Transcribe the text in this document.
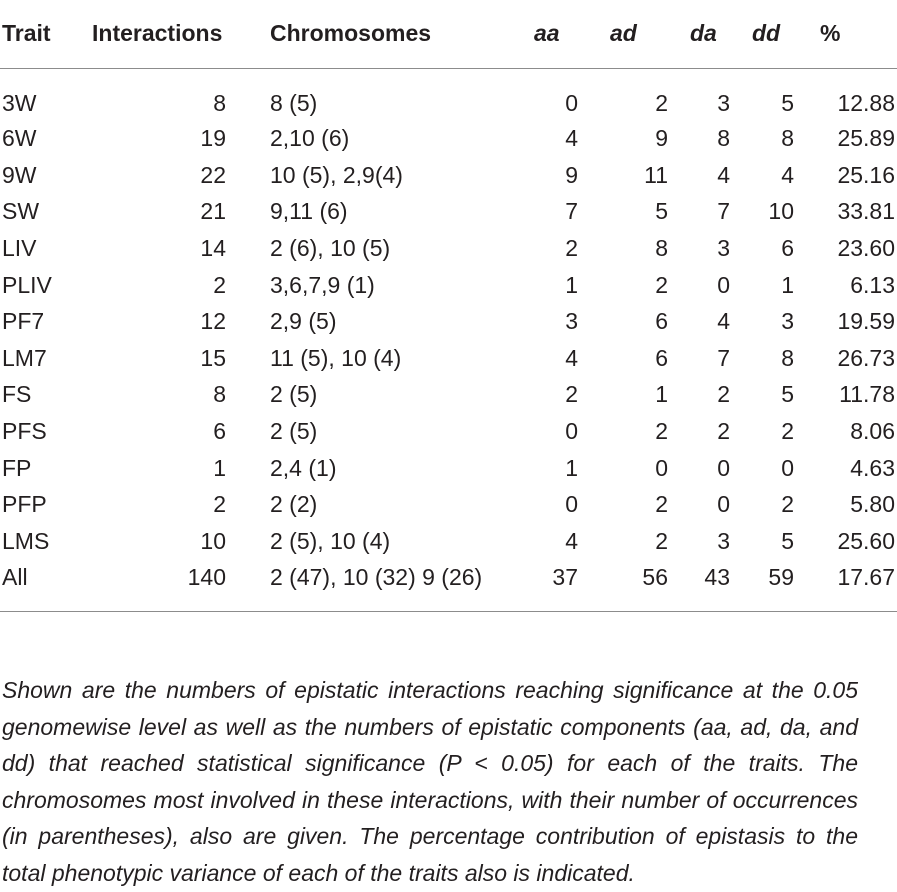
Trait	Interactions	Chromosomes	aa	ad	da	dd	%
3W	8	8 (5)	0	2	3	5	12.88
6W	19	2,10 (6)	4	9	8	8	25.89
9W	22	10 (5), 2,9(4)	9	11	4	4	25.16
SW	21	9,11 (6)	7	5	7	10	33.81
LIV	14	2 (6), 10 (5)	2	8	3	6	23.60
PLIV	2	3,6,7,9 (1)	1	2	0	1	6.13
PF7	12	2,9 (5)	3	6	4	3	19.59
LM7	15	11 (5), 10 (4)	4	6	7	8	26.73
FS	8	2 (5)	2	1	2	5	11.78
PFS	6	2 (5)	0	2	2	2	8.06
FP	1	2,4 (1)	1	0	0	0	4.63
PFP	2	2 (2)	0	2	0	2	5.80
LMS	10	2 (5), 10 (4)	4	2	3	5	25.60
All	140	2 (47), 10 (32) 9 (26)	37	56	43	59	17.67

Shown are the numbers of epistatic interactions reaching significance at the 0.05 genomewise level as well as the numbers of epistatic components (aa, ad, da, and dd) that reached statistical significance (P < 0.05) for each of the traits. The chromosomes most involved in these interactions, with their number of occurrences (in parentheses), also are given. The percentage contribution of epistasis to the total phenotypic variance of each of the traits also is indicated.
